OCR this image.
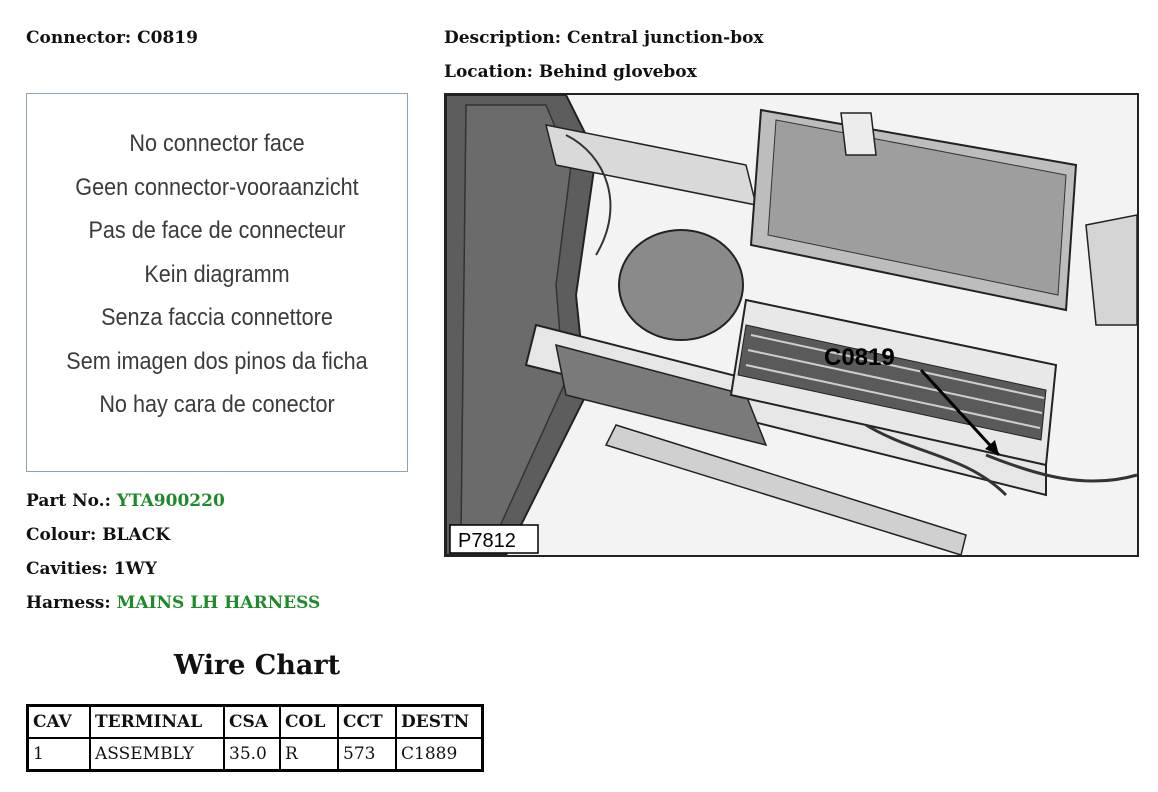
Connector: C0819	Description: Central junction-box
Location: Behind glovebox
No connector face
Geen connector-vooraanzicht
Pas de face de connecteur
Kein diagramm
Senza faccia connettore
Sem imagen dos pinos da ficha
No hay cara de conector
C0819
P7812
Part No.: YTA900220
Colour: BLACK
Cavities: 1WY
Harness: MAINS LH HARNESS
Wire Chart
CAV	TERMINAL	CSA	COL	CCT	DESTN
1	ASSEMBLY	35.0	R	573	C1889
